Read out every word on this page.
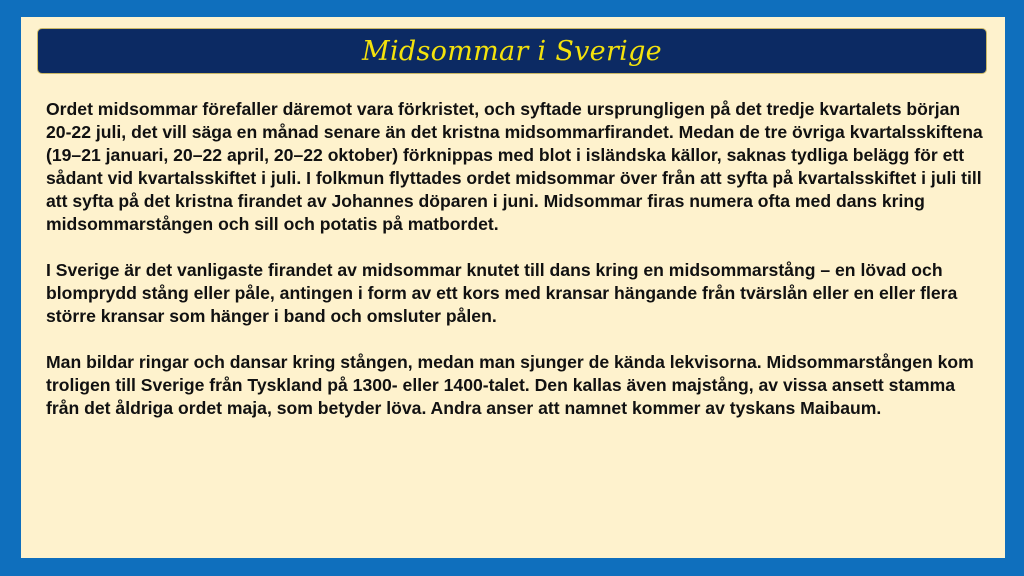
Midsommar i Sverige

Ordet midsommar förefaller däremot vara förkristet, och syftade ursprungligen på det tredje kvartalets början 20-22 juli, det vill säga en månad senare än det kristna midsommarfirandet. Medan de tre övriga kvartalsskiftena (19–21 januari, 20–22 april, 20–22 oktober) förknippas med blot i isländska källor, saknas tydliga belägg för ett sådant vid kvartalsskiftet i juli. I folkmun flyttades ordet midsommar över från att syfta på kvartalsskiftet i juli till att syfta på det kristna firandet av Johannes döparen i juni. Midsommar firas numera ofta med dans kring midsommarstången och sill och potatis på matbordet.

I Sverige är det vanligaste firandet av midsommar knutet till dans kring en midsommarstång – en lövad och blomprydd stång eller påle, antingen i form av ett kors med kransar hängande från tvärslån eller en eller flera större kransar som hänger i band och omsluter pålen.

Man bildar ringar och dansar kring stången, medan man sjunger de kända lekvisorna. Midsommarstången kom troligen till Sverige från Tyskland på 1300- eller 1400-talet. Den kallas även majstång, av vissa ansett stamma från det åldriga ordet maja, som betyder löva. Andra anser att namnet kommer av tyskans Maibaum.
